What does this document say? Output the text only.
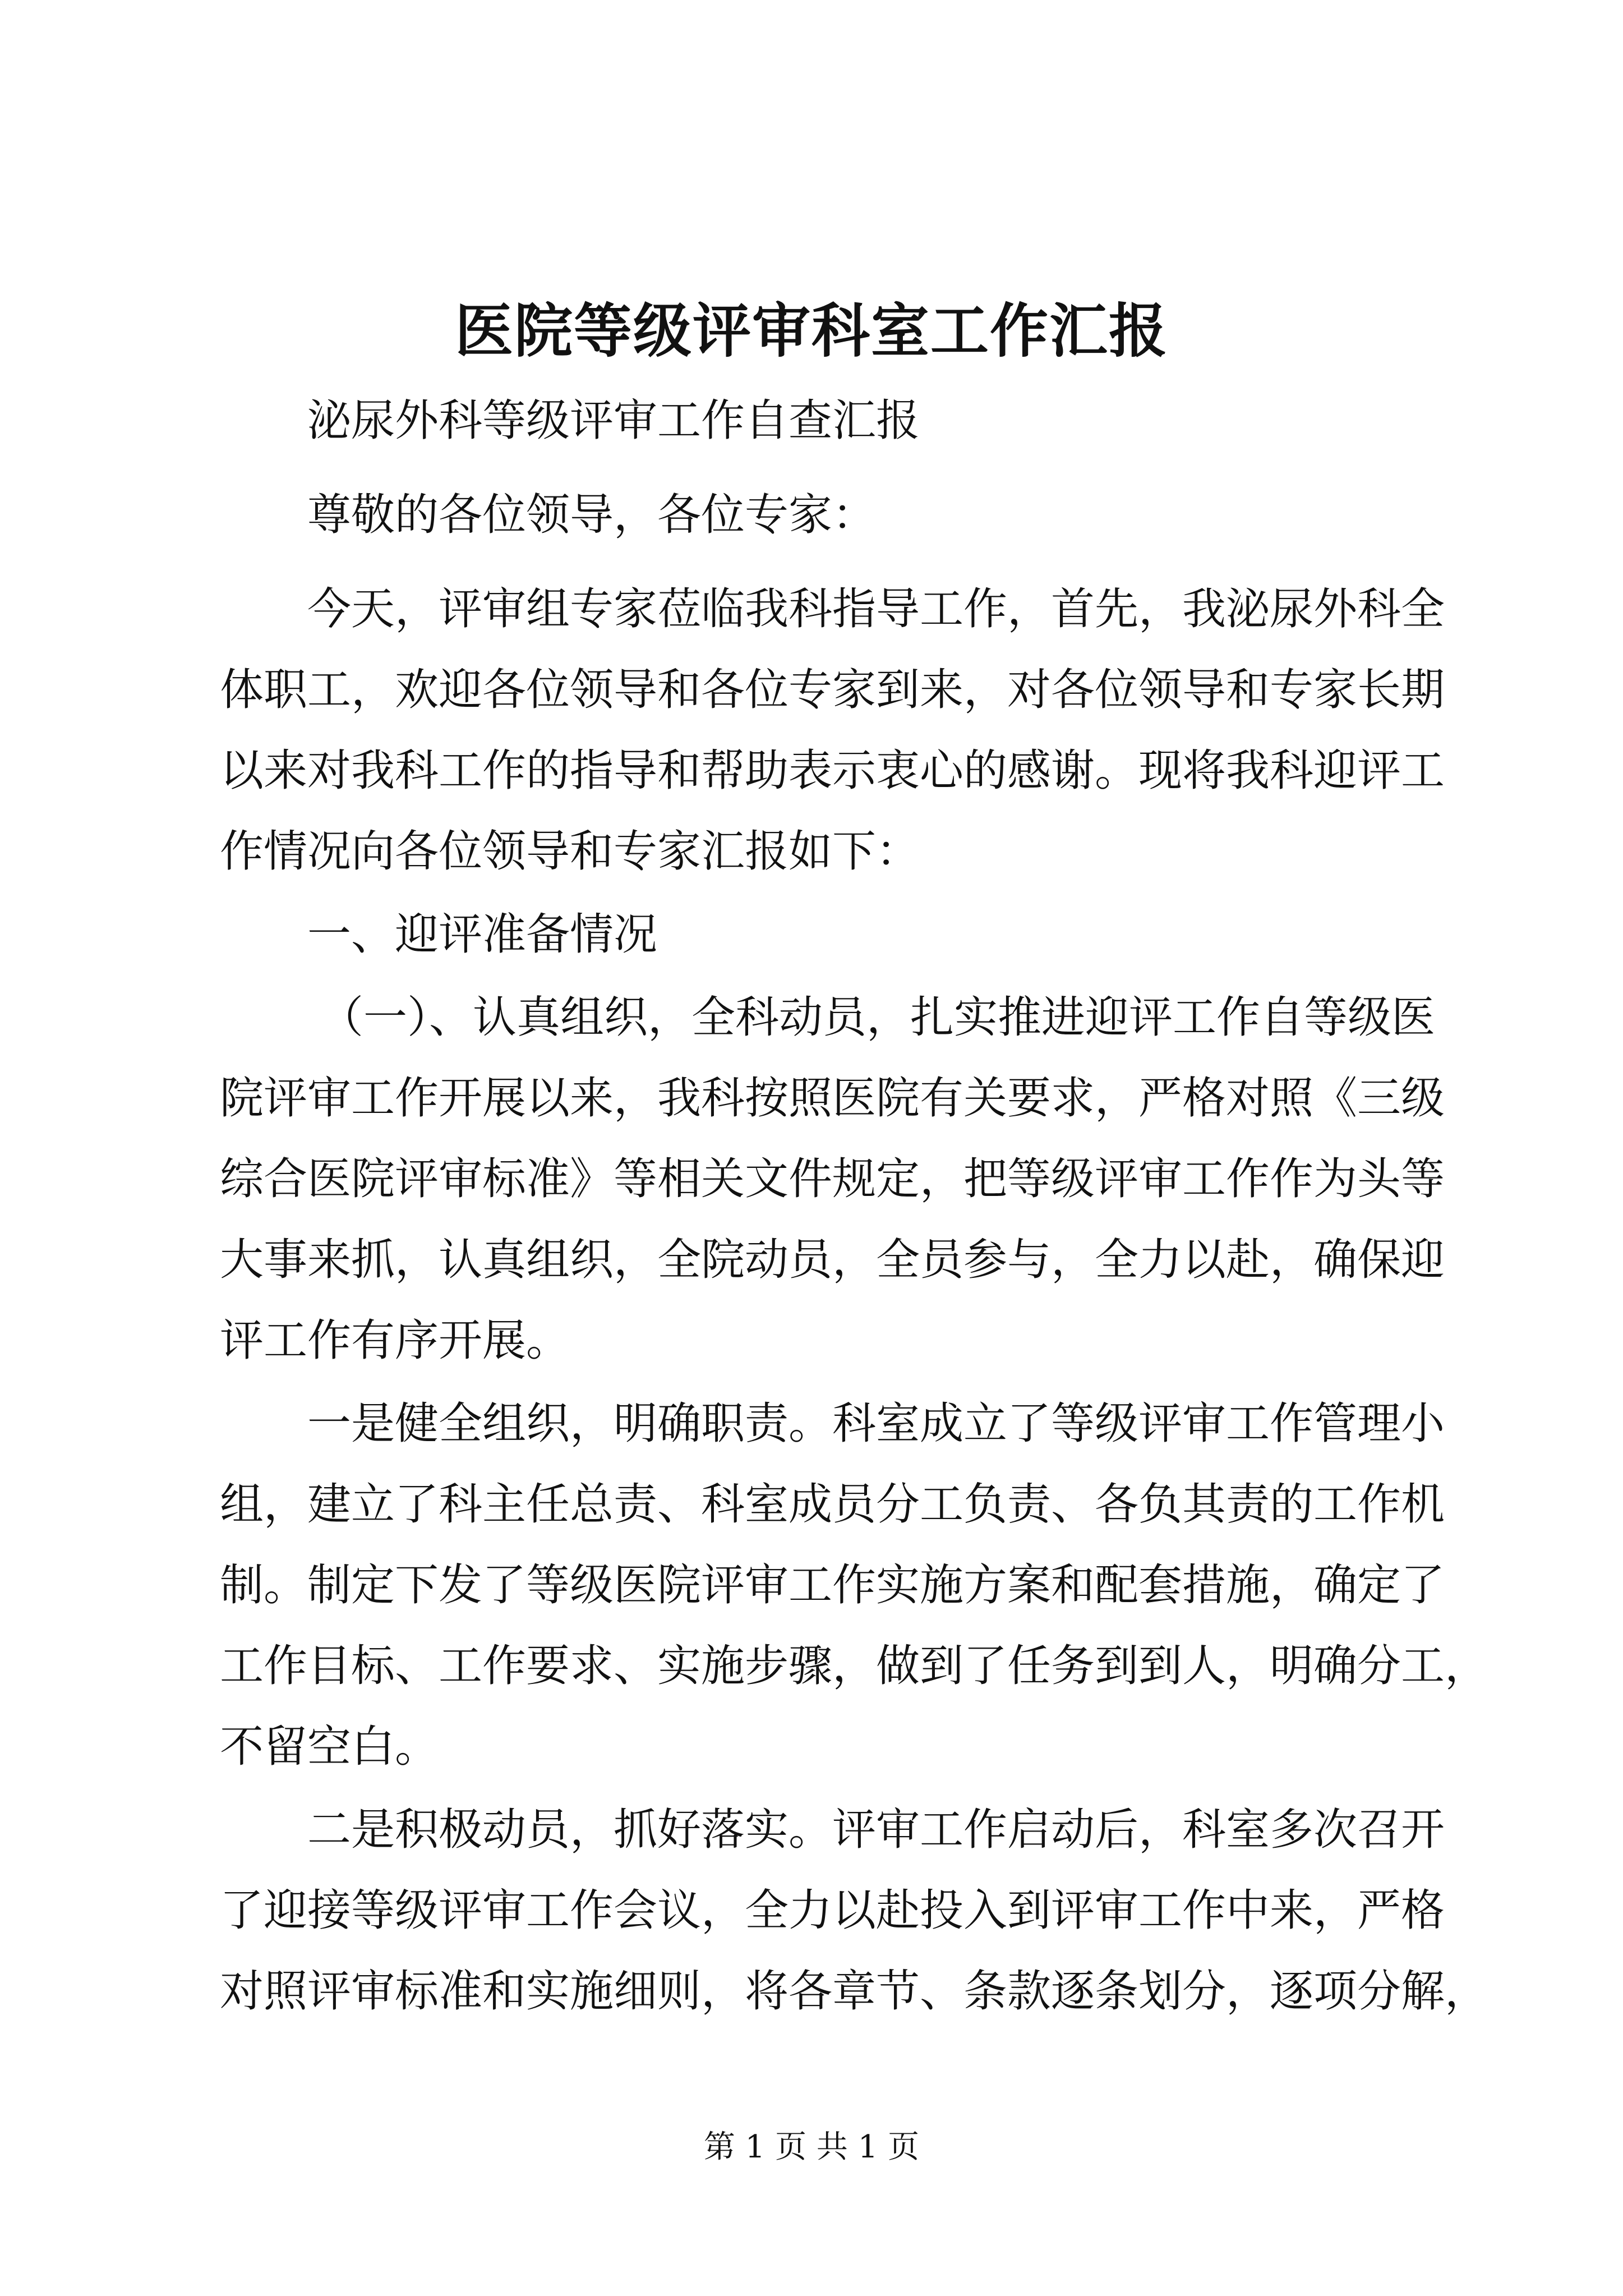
医院等级评审科室工作汇报
泌尿外科等级评审工作自查汇报
尊敬的各位领导，各位专家：
今天，评审组专家莅临我科指导工作，首先，我泌尿外科全
体职工，欢迎各位领导和各位专家到来，对各位领导和专家长期
以来对我科工作的指导和帮助表示衷心的感谢。现将我科迎评工
作情况向各位领导和专家汇报如下：
一、迎评准备情况
（一）、认真组织，全科动员，扎实推进迎评工作自等级医
院评审工作开展以来，我科按照医院有关要求，严格对照《三级
综合医院评审标准》等相关文件规定，把等级评审工作作为头等
大事来抓，认真组织，全院动员，全员参与，全力以赴，确保迎
评工作有序开展。
一是健全组织，明确职责。科室成立了等级评审工作管理小
组，建立了科主任总责、科室成员分工负责、各负其责的工作机
制。制定下发了等级医院评审工作实施方案和配套措施，确定了
工作目标、工作要求、实施步骤，做到了任务到到人，明确分工，
不留空白。
二是积极动员，抓好落实。评审工作启动后，科室多次召开
了迎接等级评审工作会议，全力以赴投入到评审工作中来，严格
对照评审标准和实施细则，将各章节、条款逐条划分，逐项分解，
第 1 页 共 1 页
